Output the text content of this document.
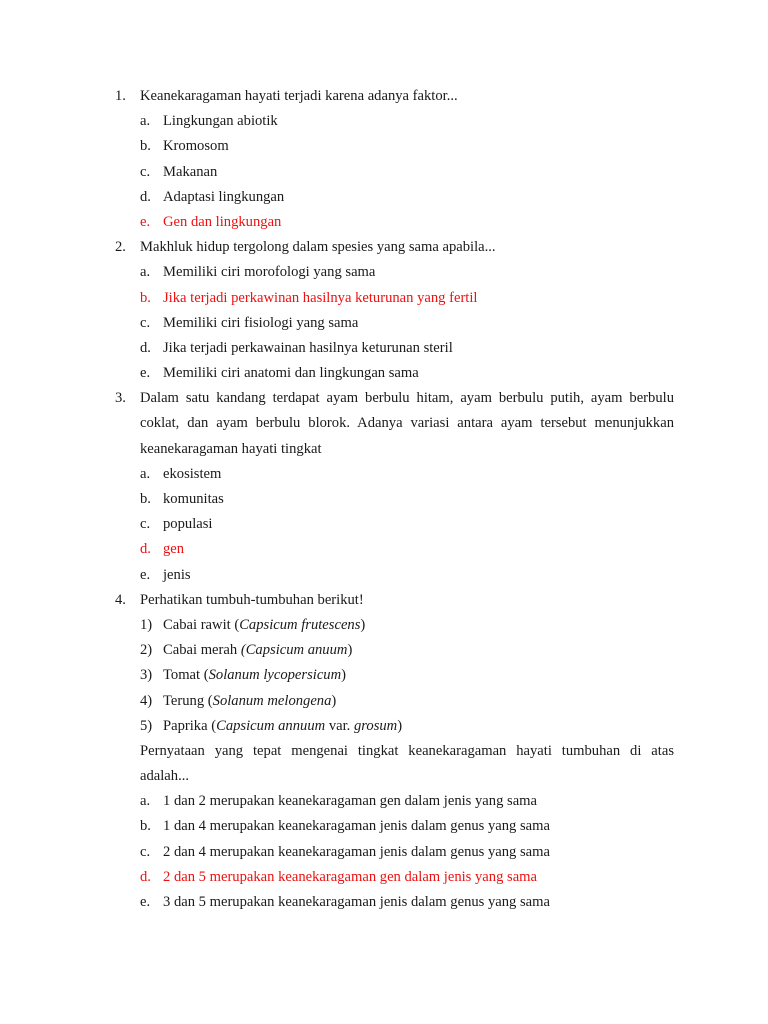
1. Keanekaragaman hayati terjadi karena adanya faktor...
a. Lingkungan abiotik
b. Kromosom
c. Makanan
d. Adaptasi lingkungan
e. Gen dan lingkungan
2. Makhluk hidup tergolong dalam spesies yang sama apabila...
a. Memiliki ciri morofologi yang sama
b. Jika terjadi perkawinan hasilnya keturunan yang fertil
c. Memiliki ciri fisiologi yang sama
d. Jika terjadi perkawainan hasilnya keturunan steril
e. Memiliki ciri anatomi dan lingkungan sama
3. Dalam satu kandang terdapat ayam berbulu hitam, ayam berbulu putih, ayam berbulu
coklat, dan ayam berbulu blorok. Adanya variasi antara ayam tersebut menunjukkan
keanekaragaman hayati tingkat
a. ekosistem
b. komunitas
c. populasi
d. gen
e. jenis
4. Perhatikan tumbuh-tumbuhan berikut!
1) Cabai rawit (Capsicum frutescens)
2) Cabai merah (Capsicum anuum)
3) Tomat (Solanum lycopersicum)
4) Terung (Solanum melongena)
5) Paprika (Capsicum annuum var. grosum)
Pernyataan yang tepat mengenai tingkat keanekaragaman hayati tumbuhan di atas
adalah...
a. 1 dan 2 merupakan keanekaragaman gen dalam jenis yang sama
b. 1 dan 4 merupakan keanekaragaman jenis dalam genus yang sama
c. 2 dan 4 merupakan keanekaragaman jenis dalam genus yang sama
d. 2 dan 5 merupakan keanekaragaman gen dalam jenis yang sama
e. 3 dan 5 merupakan keanekaragaman jenis dalam genus yang sama
